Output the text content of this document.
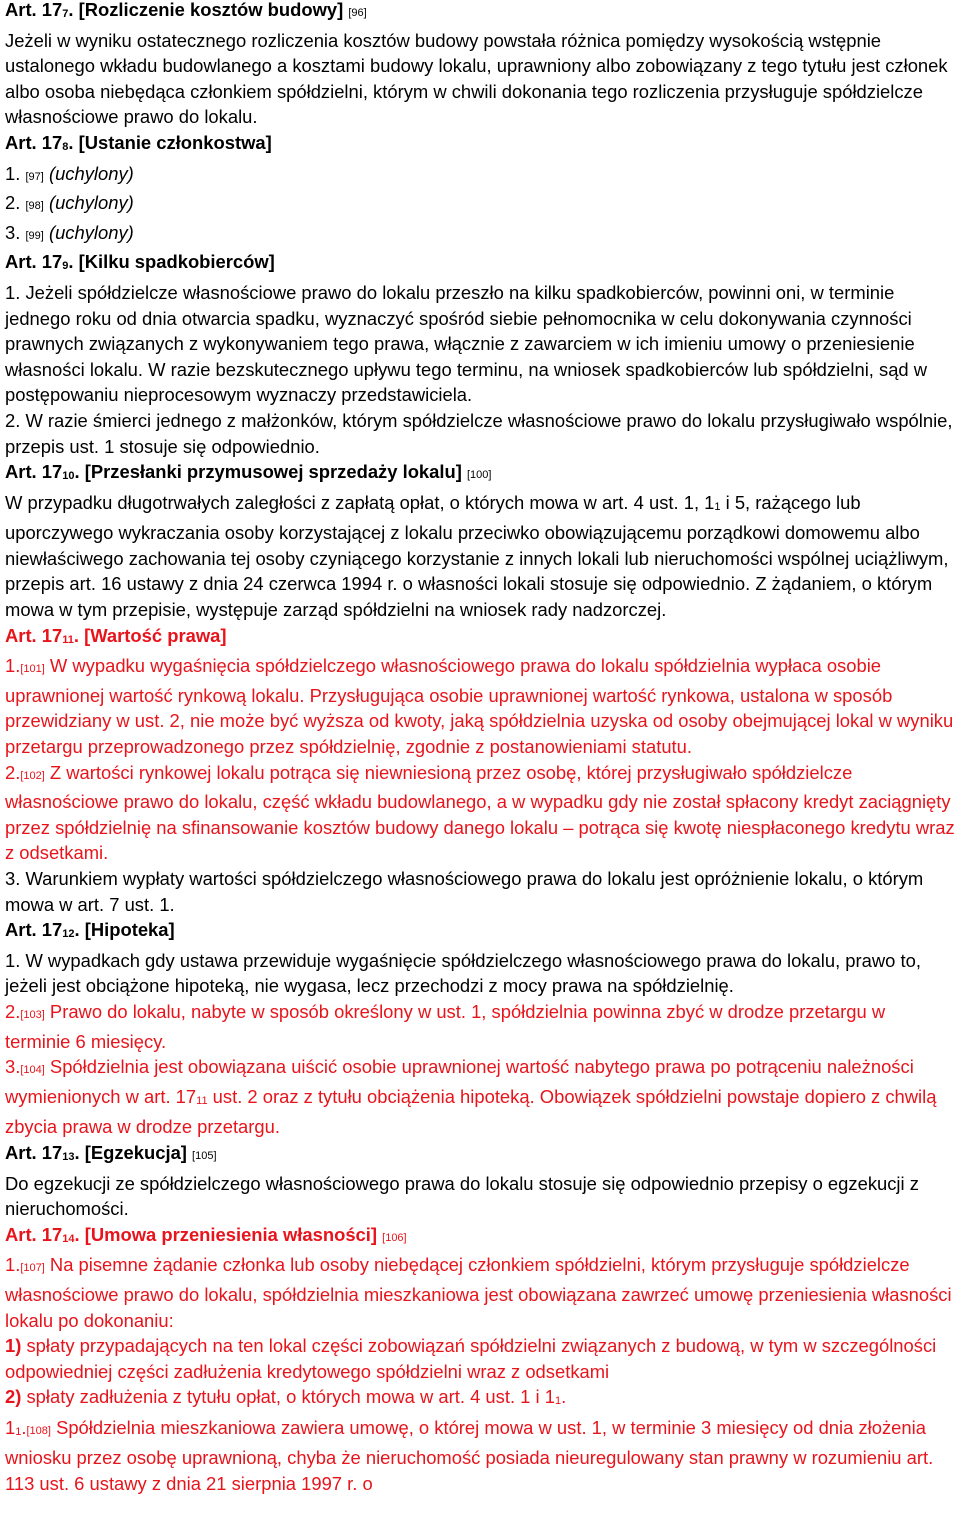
Art. 177. [Rozliczenie kosztów budowy] [96]

Jeżeli w wyniku ostatecznego rozliczenia kosztów budowy powstała różnica pomiędzy wysokością wstępnie ustalonego wkładu budowlanego a kosztami budowy lokalu, uprawniony albo zobowiązany z tego tytułu jest członek albo osoba niebędąca członkiem spółdzielni, którym w chwili dokonania tego rozliczenia przysługuje spółdzielcze własnościowe prawo do lokalu.

Art. 178. [Ustanie członkostwa]

1. [97] (uchylony)

2. [98] (uchylony)

3. [99] (uchylony)

Art. 179. [Kilku spadkobierców]

1. Jeżeli spółdzielcze własnościowe prawo do lokalu przeszło na kilku spadkobierców, powinni oni, w terminie jednego roku od dnia otwarcia spadku, wyznaczyć spośród siebie pełnomocnika w celu dokonywania czynności prawnych związanych z wykonywaniem tego prawa, włącznie z zawarciem w ich imieniu umowy o przeniesienie własności lokalu. W razie bezskutecznego upływu tego terminu, na wniosek spadkobierców lub spółdzielni, sąd w postępowaniu nieprocesowym wyznaczy przedstawiciela.

2. W razie śmierci jednego z małżonków, którym spółdzielcze własnościowe prawo do lokalu przysługiwało wspólnie, przepis ust. 1 stosuje się odpowiednio.

Art. 1710. [Przesłanki przymusowej sprzedaży lokalu] [100]

W przypadku długotrwałych zaległości z zapłatą opłat, o których mowa w art. 4 ust. 1, 11 i 5, rażącego lub uporczywego wykraczania osoby korzystającej z lokalu przeciwko obowiązującemu porządkowi domowemu albo niewłaściwego zachowania tej osoby czyniącego korzystanie z innych lokali lub nieruchomości wspólnej uciążliwym, przepis art. 16 ustawy z dnia 24 czerwca 1994 r. o własności lokali stosuje się odpowiednio. Z żądaniem, o którym mowa w tym przepisie, występuje zarząd spółdzielni na wniosek rady nadzorczej.

Art. 1711. [Wartość prawa]

1.[101] W wypadku wygaśnięcia spółdzielczego własnościowego prawa do lokalu spółdzielnia wypłaca osobie uprawnionej wartość rynkową lokalu. Przysługująca osobie uprawnionej wartość rynkowa, ustalona w sposób przewidziany w ust. 2, nie może być wyższa od kwoty, jaką spółdzielnia uzyska od osoby obejmującej lokal w wyniku przetargu przeprowadzonego przez spółdzielnię, zgodnie z postanowieniami statutu.

2.[102] Z wartości rynkowej lokalu potrąca się niewniesioną przez osobę, której przysługiwało spółdzielcze własnościowe prawo do lokalu, część wkładu budowlanego, a w wypadku gdy nie został spłacony kredyt zaciągnięty przez spółdzielnię na sfinansowanie kosztów budowy danego lokalu – potrąca się kwotę niespłaconego kredytu wraz z odsetkami.

3. Warunkiem wypłaty wartości spółdzielczego własnościowego prawa do lokalu jest opróżnienie lokalu, o którym mowa w art. 7 ust. 1.

Art. 1712. [Hipoteka]

1. W wypadkach gdy ustawa przewiduje wygaśnięcie spółdzielczego własnościowego prawa do lokalu, prawo to, jeżeli jest obciążone hipoteką, nie wygasa, lecz przechodzi z mocy prawa na spółdzielnię.

2.[103] Prawo do lokalu, nabyte w sposób określony w ust. 1, spółdzielnia powinna zbyć w drodze przetargu w terminie 6 miesięcy.

3.[104] Spółdzielnia jest obowiązana uiścić osobie uprawnionej wartość nabytego prawa po potrąceniu należności wymienionych w art. 1711 ust. 2 oraz z tytułu obciążenia hipoteką. Obowiązek spółdzielni powstaje dopiero z chwilą zbycia prawa w drodze przetargu.

Art. 1713. [Egzekucja] [105]

Do egzekucji ze spółdzielczego własnościowego prawa do lokalu stosuje się odpowiednio przepisy o egzekucji z nieruchomości.

Art. 1714. [Umowa przeniesienia własności] [106]

1.[107] Na pisemne żądanie członka lub osoby niebędącej członkiem spółdzielni, którym przysługuje spółdzielcze własnościowe prawo do lokalu, spółdzielnia mieszkaniowa jest obowiązana zawrzeć umowę przeniesienia własności lokalu po dokonaniu:

1) spłaty przypadających na ten lokal części zobowiązań spółdzielni związanych z budową, w tym w szczególności odpowiedniej części zadłużenia kredytowego spółdzielni wraz z odsetkami

2) spłaty zadłużenia z tytułu opłat, o których mowa w art. 4 ust. 1 i 11.

11.[108] Spółdzielnia mieszkaniowa zawiera umowę, o której mowa w ust. 1, w terminie 3 miesięcy od dnia złożenia wniosku przez osobę uprawnioną, chyba że nieruchomość posiada nieuregulowany stan prawny w rozumieniu art. 113 ust. 6 ustawy z dnia 21 sierpnia 1997 r. o
